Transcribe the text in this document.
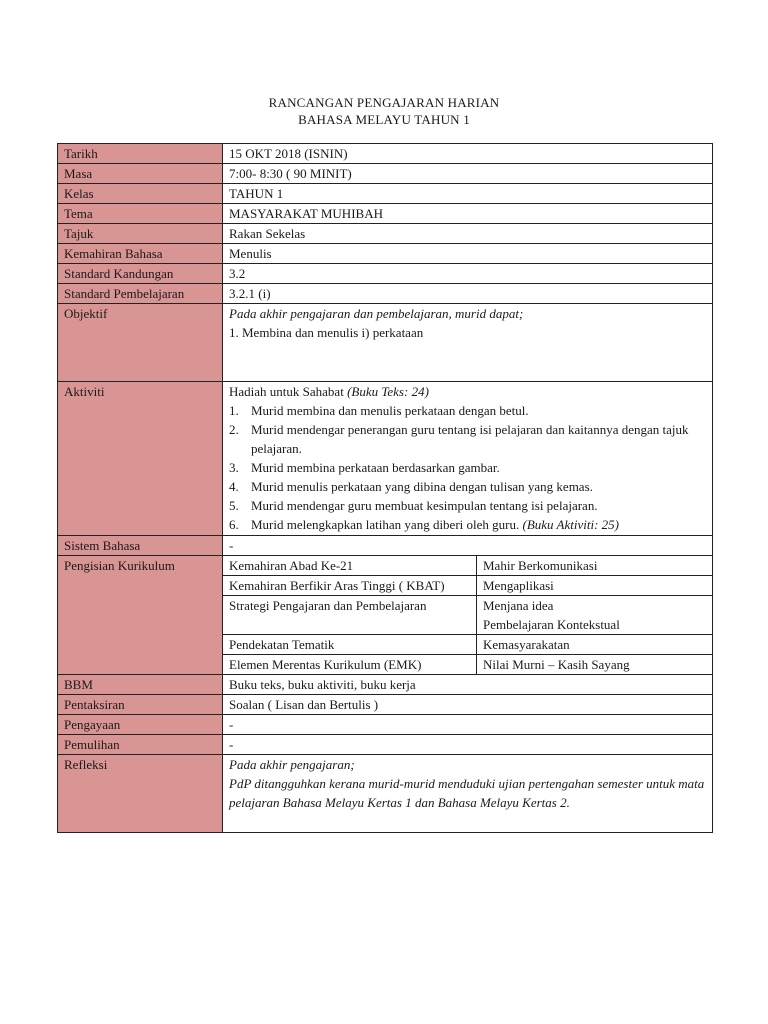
RANCANGAN PENGAJARAN HARIAN
BAHASA MELAYU TAHUN 1
Tarikh	15 OKT 2018 (ISNIN)
Masa	7:00- 8:30 ( 90 MINIT)
Kelas	TAHUN 1
Tema	MASYARAKAT MUHIBAH
Tajuk	Rakan Sekelas
Kemahiran Bahasa	Menulis
Standard Kandungan	3.2
Standard Pembelajaran	3.2.1 (i)
Objektif	Pada akhir pengajaran dan pembelajaran, murid dapat;
1. Membina dan menulis i) perkataan

Aktiviti	Hadiah untuk Sahabat (Buku Teks: 24)
1. Murid membina dan menulis perkataan dengan betul.
2. Murid mendengar penerangan guru tentang isi pelajaran dan kaitannya dengan tajuk pelajaran.
3. Murid membina perkataan berdasarkan gambar.
4. Murid menulis perkataan yang dibina dengan tulisan yang kemas.
5. Murid mendengar guru membuat kesimpulan tentang isi pelajaran.
6. Murid melengkapkan latihan yang diberi oleh guru. (Buku Aktiviti: 25)

Sistem Bahasa	-
Pengisian Kurikulum		Kemahiran Abad Ke-21	Mahir Berkomunikasi

Kemahiran Berfikir Aras Tinggi ( KBAT)	Mengaplikasi

Strategi Pengajaran dan Pembelajaran	Menjana idea
Pembelajaran Kontekstual

Pendekatan Tematik	Kemasyarakatan

Elemen Merentas Kurikulum (EMK)	Nilai Murni – Kasih Sayang

BBM	Buku teks, buku aktiviti, buku kerja
Pentaksiran	Soalan ( Lisan dan Bertulis )
Pengayaan	-
Pemulihan	-
Refleksi	Pada akhir pengajaran;
PdP ditangguhkan kerana murid-murid menduduki ujian pertengahan semester untuk mata pelajaran Bahasa Melayu Kertas 1 dan Bahasa Melayu Kertas 2.
